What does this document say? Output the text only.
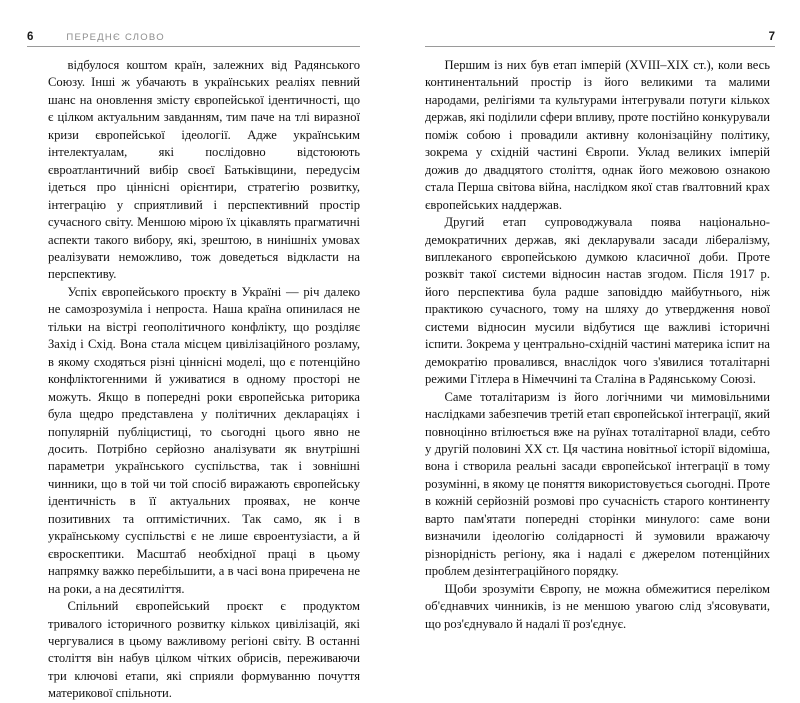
6	ПЕРЕДНЄ СЛОВО

відбулося коштом країн, залежних від Радянського Союзу. Інші ж убачають в українських реаліях певний шанс на оновлення змісту європейської ідентичності, що є цілком актуальним завданням, тим паче на тлі виразної кризи європейської ідеології. Адже українським інтелектуалам, які послідовно відстоюють євроатлантичний вибір своєї Батьківщини, передусім ідеться про ціннісні орієнтири, стратегію розвитку, інтеграцію у сприятливий і перспективний простір сучасного світу. Меншою мірою їх цікавлять прагматичні аспекти такого вибору, які, зрештою, в нинішніх умовах реалізувати неможливо, тож доведеться відкласти на перспективу.

Успіх європейського проєкту в Україні — річ далеко не самозрозуміла і непроста. Наша країна опинилася не тільки на вістрі геополітичного конфлікту, що розділяє Захід і Схід. Вона стала місцем цивілізаційного розламу, в якому сходяться різні ціннісні моделі, що є потенційно конфліктогенними й уживатися в одному просторі не можуть. Якщо в попередні роки європейська риторика була щедро представлена у політичних деклараціях і популярній публіцистиці, то сьогодні цього явно не досить. Потрібно серйозно аналізувати як внутрішні параметри українського суспільства, так і зовнішні чинники, що в той чи той спосіб виражають європейську ідентичність в її актуальних проявах, не конче позитивних та оптимістичних. Так само, як і в українському суспільстві є не лише євроентузіасти, а й євроскептики. Масштаб необхідної праці в цьому напрямку важко перебільшити, а в часі вона приречена не на роки, а на десятиліття.

Спільний європейський проєкт є продуктом тривалого історичного розвитку кількох цивілізацій, які чергувалися в цьому важливому регіоні світу. В останні століття він набув цілком чітких обрисів, переживаючи три ключові етапи, які сприяли формуванню почуття материкової спільноти.

7

Першим із них був етап імперій (XVIII–XIX ст.), коли весь континентальний простір із його великими та малими народами, релігіями та культурами інтегрували потуги кількох держав, які поділили сфери впливу, проте постійно конкурували поміж собою і провадили активну колонізаційну політику, зокрема у східній частині Європи. Уклад великих імперій дожив до двадцятого століття, однак його межовою ознакою стала Перша світова війна, наслідком якої став ґвалтовний крах європейських наддержав.

Другий етап супроводжувала поява національно-демократичних держав, які декларували засади лібералізму, виплеканого європейською думкою класичної доби. Проте розквіт такої системи відносин настав згодом. Після 1917 р. його перспектива була радше заповіддю майбутнього, ніж практикою сучасного, тому на шляху до утвердження нової системи відносин мусили відбутися ще важливі історичні іспити. Зокрема у центрально-східній частині материка іспит на демократію провалився, внаслідок чого з'явилися тоталітарні режими Гітлера в Німеччині та Сталіна в Радянському Союзі.

Саме тоталітаризм із його логічними чи мимовільними наслідками забезпечив третій етап європейської інтеграції, який повноцінно втілюється вже на руїнах тоталітарної влади, себто у другій половині XX ст. Ця частина новітньої історії відоміша, вона і створила реальні засади європейської інтеграції в тому розумінні, в якому це поняття використовується сьогодні. Проте в кожній серйозній розмові про сучасність старого континенту варто пам'ятати попередні сторінки минулого: саме вони визначили ідеологію солідарності й зумовили вражаючу різнорідність регіону, яка і надалі є джерелом потенційних проблем дезінтеграційного порядку.

Щоби зрозуміти Європу, не можна обмежитися переліком об'єднавчих чинників, із не меншою увагою слід з'ясовувати, що роз'єднувало й надалі її роз'єднує.
